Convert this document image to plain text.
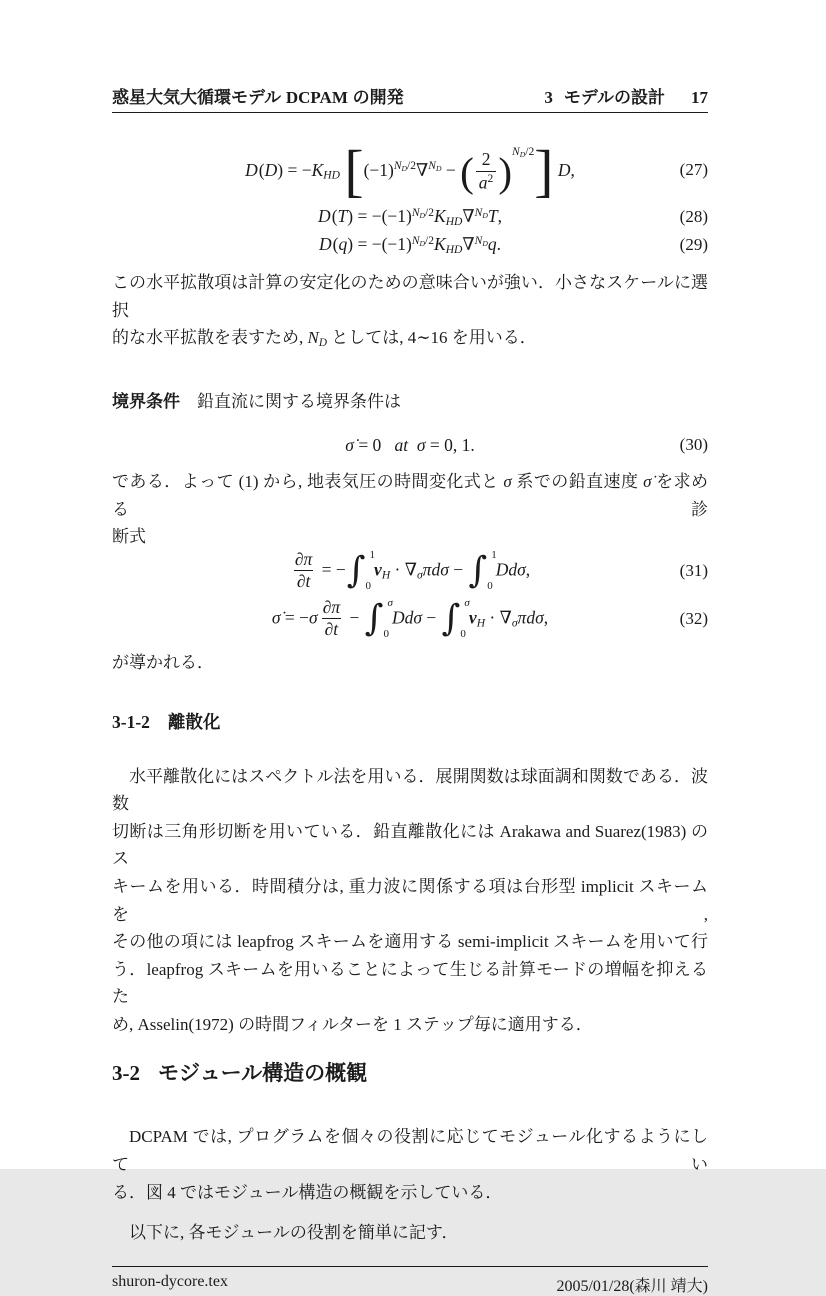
惑星大気大循環モデル DCPAM の開発	3 モデルの設計 17
$D(D) = -K_{HD}$ [$(-1)^{N_D/2}\nabla^{N_D}$ − ( $\frac{2}{a^2} )^{N_D/2}$] D,	(27)
$D(T) = -(-1)^{N_D/2}K_{HD}\nabla^{N_D}T$,	(28)
$D(q) = -(-1)^{N_D/2}K_{HD}\nabla^{N_D}q$.	(29)
この水平拡散項は計算の安定化のための意味合いが強い．小さなスケールに選択
的な水平拡散を表すため, $N_D$ としては, 4∼16 を用いる．
境界条件　鉛直流に関する境界条件は
σ̇ = 0 at σ = 0, 1.	(30)
である．よって (1) から, 地表気圧の時間変化式と σ 系での鉛直速度 σ̇ を求める診
断式
$\frac{\partial\pi}{\partial t}$ = − ∫ 1
0
$v_H \cdot \nabla_\sigma\pi d\sigma$ − ∫ 1
0
Ddσ,	(31)
σ̇ = $-\sigma \frac{\partial\pi}{\partial t}$ − ∫ σ
0
Ddσ − ∫ σ
0
$v_H \cdot \nabla_\sigma\pi d\sigma$,	(32)
が導かれる．
3-1-2 離散化
水平離散化にはスペクトル法を用いる．展開関数は球面調和関数である．波数
切断は三角形切断を用いている．鉛直離散化には Arakawa and Suarez(1983) のス
キームを用いる．時間積分は, 重力波に関係する項は台形型 implicit スキームを,
その他の項には leapfrog スキームを適用する semi-implicit スキームを用いて行
う．leapfrog スキームを用いることによって生じる計算モードの増幅を抑えるた
め, Asselin(1972) の時間フィルターを 1 ステップ毎に適用する．
3-2 モジュール構造の概観
DCPAM では, プログラムを個々の役割に応じてモジュール化するようにしてい
る．図 4 ではモジュール構造の概観を示している．
以下に, 各モジュールの役割を簡単に記す．
shuron-dycore.tex	2005/01/28(森川 靖大)
